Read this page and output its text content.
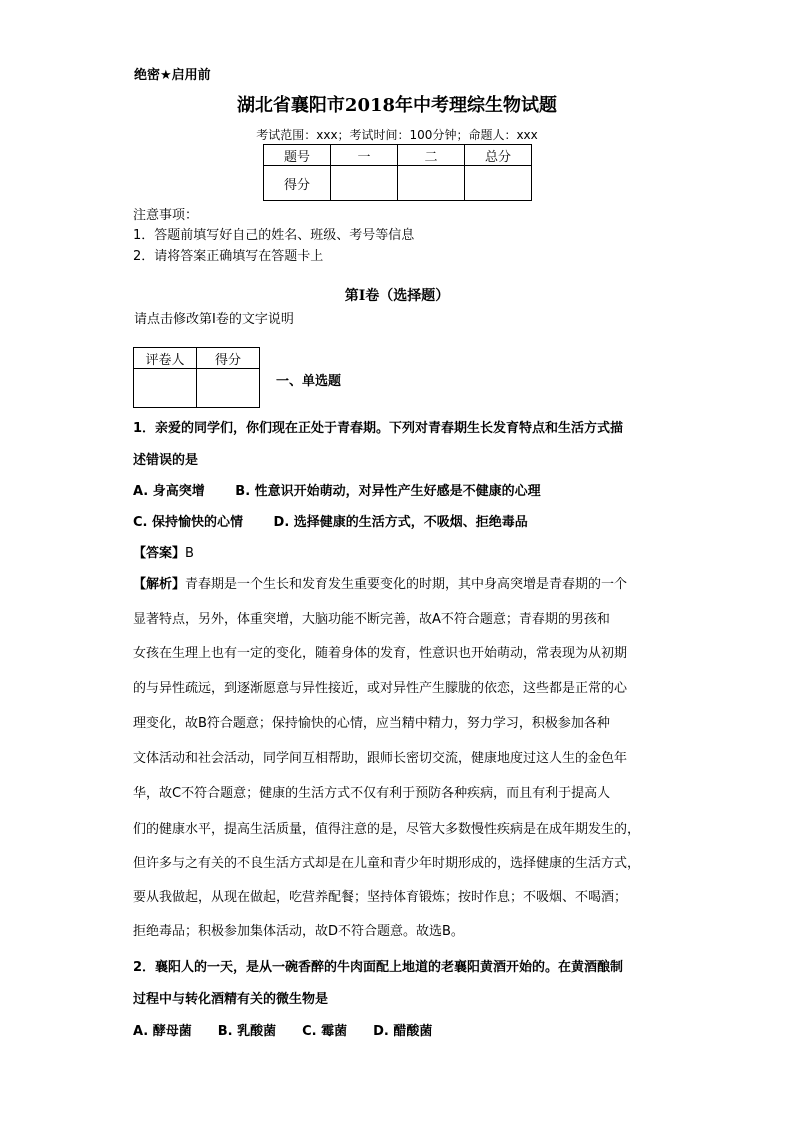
绝密★启用前
湖北省襄阳市2018年中考理综生物试题
考试范围：xxx；考试时间：100分钟；命题人：xxx
题号	一	二	总分
得分			
注意事项：
1．答题前填写好自己的姓名、班级、考号等信息
2．请将答案正确填写在答题卡上
第I卷（选择题）
请点击修改第I卷的文字说明
评卷人	得分

一、单选题
1．亲爱的同学们，你们现在正处于青春期。下列对青春期生长发育特点和生活方式描
述错误的是
A. 身高突增　　 B. 性意识开始萌动，对异性产生好感是不健康的心理
C. 保持愉快的心情　　 D. 选择健康的生活方式，不吸烟、拒绝毒品
【答案】B
【解析】青春期是一个生长和发育发生重要变化的时期，其中身高突增是青春期的一个
显著特点，另外，体重突增，大脑功能不断完善，故A不符合题意；青春期的男孩和
女孩在生理上也有一定的变化，随着身体的发育，性意识也开始萌动，常表现为从初期
的与异性疏远，到逐渐愿意与异性接近，或对异性产生朦胧的依恋，这些都是正常的心
理变化，故B符合题意；保持愉快的心情，应当精中精力，努力学习，积极参加各种
文体活动和社会活动，同学间互相帮助，跟师长密切交流，健康地度过这人生的金色年
华，故C不符合题意；健康的生活方式不仅有利于预防各种疾病，而且有利于提高人
们的健康水平，提高生活质量，值得注意的是，尽管大多数慢性疾病是在成年期发生的，
但许多与之有关的不良生活方式却是在儿童和青少年时期形成的，选择健康的生活方式，
要从我做起，从现在做起，吃营养配餐；坚持体育锻炼；按时作息；不吸烟、不喝酒；
拒绝毒品；积极参加集体活动，故D不符合题意。故选B。
2．襄阳人的一天，是从一碗香醉的牛肉面配上地道的老襄阳黄酒开始的。在黄酒酿制
过程中与转化酒精有关的微生物是
A. 酵母菌　　B. 乳酸菌　　C. 霉菌　　D. 醋酸菌
